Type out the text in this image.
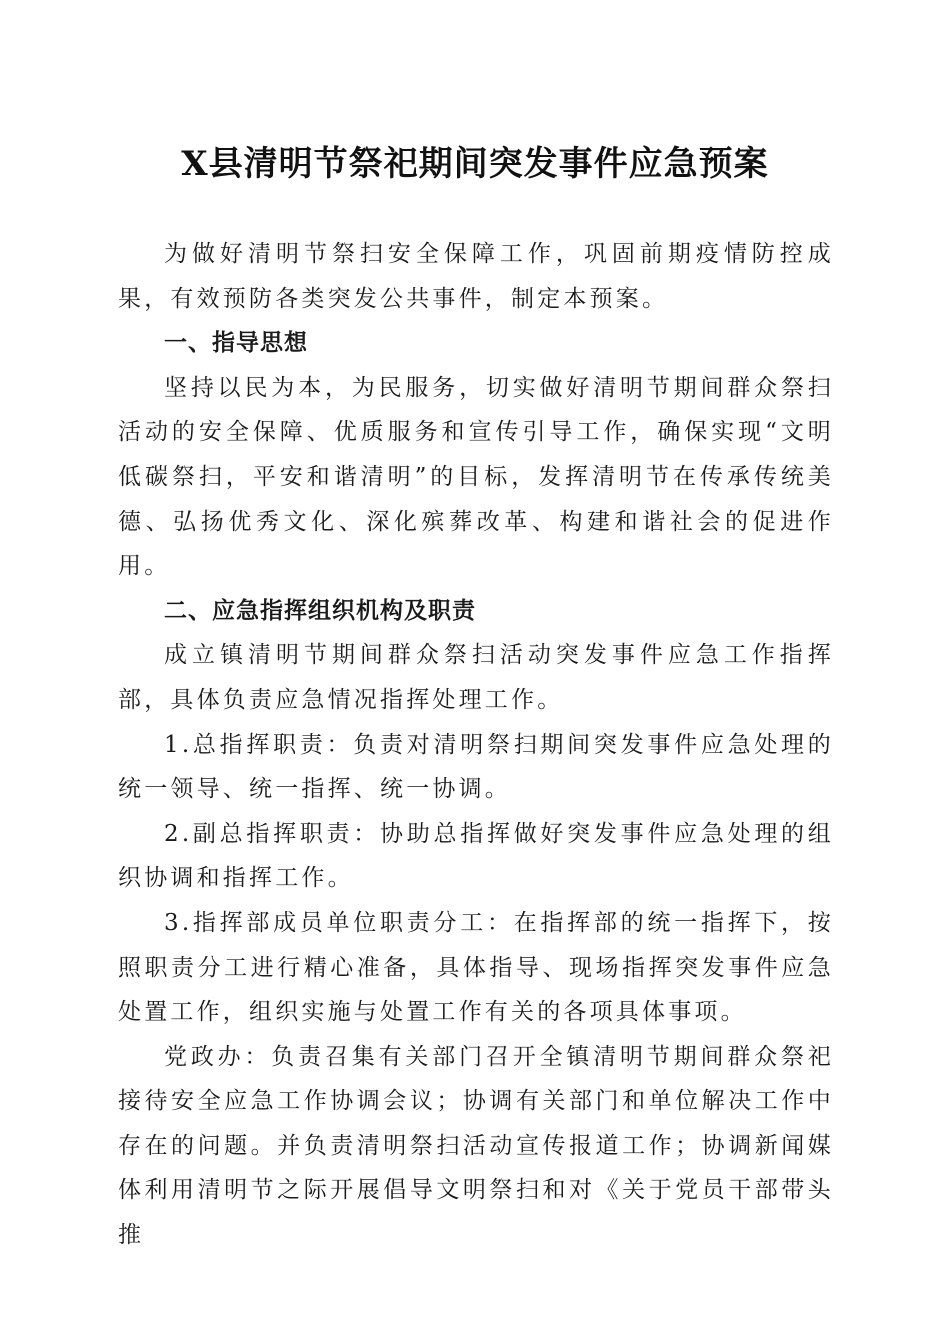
X县清明节祭祀期间突发事件应急预案

为做好清明节祭扫安全保障工作，巩固前期疫情防控成果，有效预防各类突发公共事件，制定本预案。

一、指导思想

坚持以民为本，为民服务，切实做好清明节期间群众祭扫活动的安全保障、优质服务和宣传引导工作，确保实现“文明低碳祭扫，平安和谐清明”的目标，发挥清明节在传承传统美德、弘扬优秀文化、深化殡葬改革、构建和谐社会的促进作用。

二、应急指挥组织机构及职责

成立镇清明节期间群众祭扫活动突发事件应急工作指挥部，具体负责应急情况指挥处理工作。

1.总指挥职责：负责对清明祭扫期间突发事件应急处理的统一领导、统一指挥、统一协调。

2.副总指挥职责：协助总指挥做好突发事件应急处理的组织协调和指挥工作。

3.指挥部成员单位职责分工：在指挥部的统一指挥下，按照职责分工进行精心准备，具体指导、现场指挥突发事件应急处置工作，组织实施与处置工作有关的各项具体事项。

党政办：负责召集有关部门召开全镇清明节期间群众祭祀接待安全应急工作协调会议；协调有关部门和单位解决工作中存在的问题。并负责清明祭扫活动宣传报道工作；协调新闻媒体利用清明节之际开展倡导文明祭扫和对《关于党员干部带头推
